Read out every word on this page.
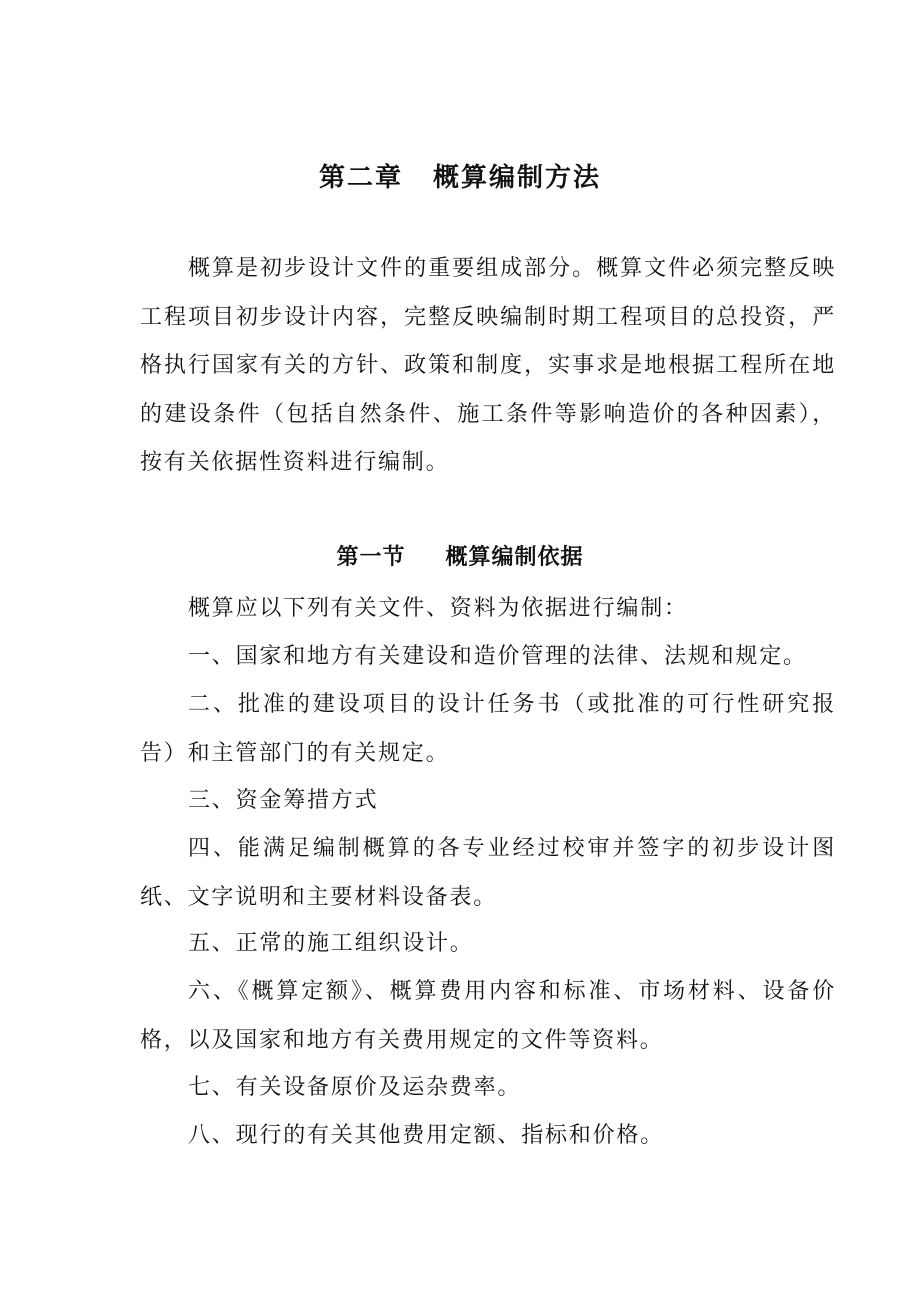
第二章 概算编制方法

概算是初步设计文件的重要组成部分。概算文件必须完整反映工程项目初步设计内容，完整反映编制时期工程项目的总投资，严格执行国家有关的方针、政策和制度，实事求是地根据工程所在地的建设条件（包括自然条件、施工条件等影响造价的各种因素），按有关依据性资料进行编制。

第一节 概算编制依据

概算应以下列有关文件、资料为依据进行编制：

一、国家和地方有关建设和造价管理的法律、法规和规定。

二、批准的建设项目的设计任务书（或批准的可行性研究报告）和主管部门的有关规定。

三、资金筹措方式

四、能满足编制概算的各专业经过校审并签字的初步设计图纸、文字说明和主要材料设备表。

五、正常的施工组织设计。

六、《概算定额》、概算费用内容和标准、市场材料、设备价格，以及国家和地方有关费用规定的文件等资料。

七、有关设备原价及运杂费率。

八、现行的有关其他费用定额、指标和价格。
